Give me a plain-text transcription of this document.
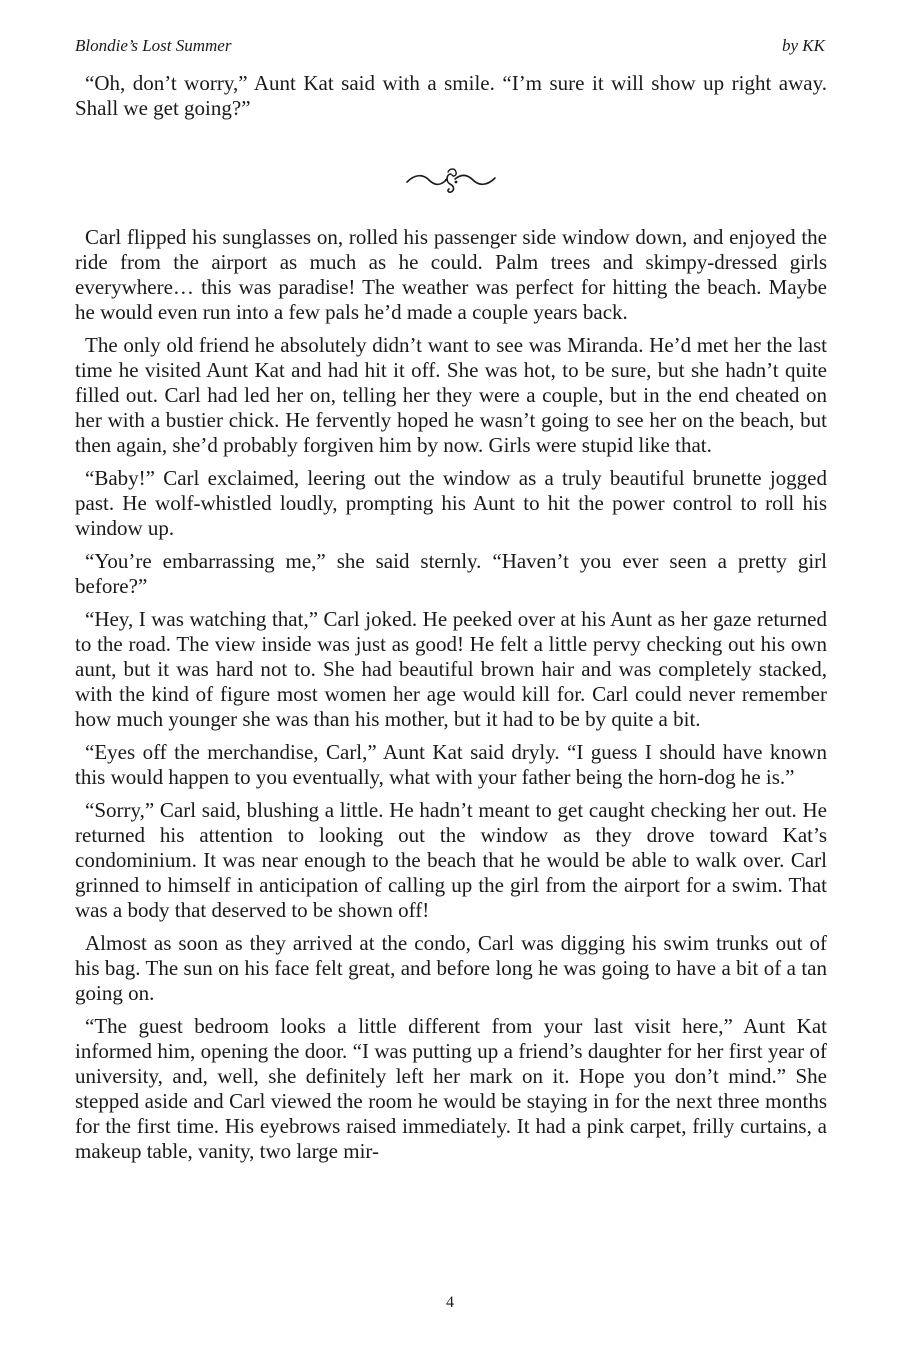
Blondie’s Lost Summer	by KK

“Oh, don’t worry,” Aunt Kat said with a smile. “I’m sure it will show up right away. Shall we get going?”

Carl flipped his sunglasses on, rolled his passenger side window down, and enjoyed the ride from the airport as much as he could. Palm trees and skimpy-dressed girls everywhere… this was paradise! The weather was perfect for hitting the beach. Maybe he would even run into a few pals he’d made a couple years back.

The only old friend he absolutely didn’t want to see was Miranda. He’d met her the last time he visited Aunt Kat and had hit it off. She was hot, to be sure, but she hadn’t quite filled out. Carl had led her on, telling her they were a couple, but in the end cheated on her with a bustier chick. He fervently hoped he wasn’t going to see her on the beach, but then again, she’d probably forgiven him by now. Girls were stupid like that.

“Baby!” Carl exclaimed, leering out the window as a truly beautiful brunette jogged past. He wolf-whistled loudly, prompting his Aunt to hit the power control to roll his window up.

“You’re embarrassing me,” she said sternly. “Haven’t you ever seen a pretty girl before?”

“Hey, I was watching that,” Carl joked. He peeked over at his Aunt as her gaze returned to the road. The view inside was just as good! He felt a little pervy checking out his own aunt, but it was hard not to. She had beautiful brown hair and was completely stacked, with the kind of figure most women her age would kill for. Carl could never remember how much younger she was than his mother, but it had to be by quite a bit.

“Eyes off the merchandise, Carl,” Aunt Kat said dryly. “I guess I should have known this would happen to you eventually, what with your father being the horn-dog he is.”

“Sorry,” Carl said, blushing a little. He hadn’t meant to get caught checking her out. He returned his attention to looking out the window as they drove toward Kat’s condominium. It was near enough to the beach that he would be able to walk over. Carl grinned to himself in anticipation of calling up the girl from the airport for a swim. That was a body that deserved to be shown off!

Almost as soon as they arrived at the condo, Carl was digging his swim trunks out of his bag. The sun on his face felt great, and before long he was going to have a bit of a tan going on.

“The guest bedroom looks a little different from your last visit here,” Aunt Kat informed him, opening the door. “I was putting up a friend’s daughter for her first year of university, and, well, she definitely left her mark on it. Hope you don’t mind.” She stepped aside and Carl viewed the room he would be staying in for the next three months for the first time. His eyebrows raised immediately. It had a pink carpet, frilly curtains, a makeup table, vanity, two large mir-

4
